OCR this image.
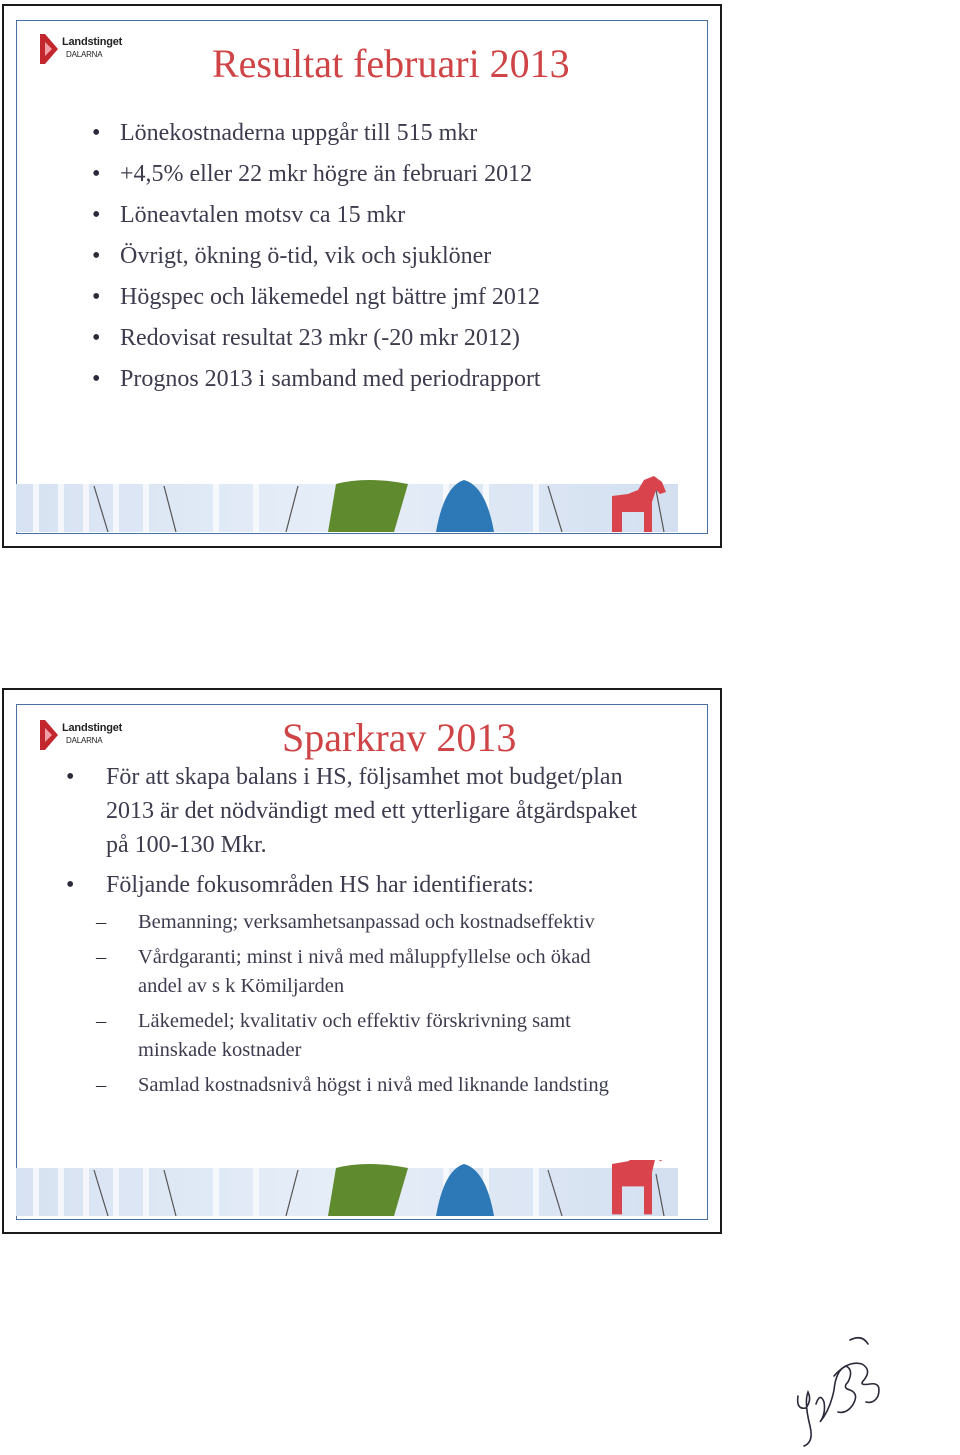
Landstinget
DALARNA	Resultat februari 2013
• Lönekostnaderna uppgår till 515 mkr
• +4,5% eller 22 mkr högre än februari 2012
• Löneavtalen motsv ca 15 mkr
• Övrigt, ökning ö-tid, vik och sjuklöner
• Högspec och läkemedel ngt bättre jmf 2012
• Redovisat resultat 23 mkr (-20 mkr 2012)
• Prognos 2013 i samband med periodrapport
Landstinget
DALARNA	Sparkrav 2013
• För att skapa balans i HS, följsamhet mot budget/plan 2013 är det nödvändigt med ett ytterligare åtgärdspaket på 100-130 Mkr.
• Följande fokusområden HS har identifierats:
– Bemanning; verksamhetsanpassad och kostnadseffektiv
– Vårdgaranti; minst i nivå med måluppfyllelse och ökad andel av s k Kömiljarden
– Läkemedel; kvalitativ och effektiv förskrivning samt minskade kostnader
– Samlad kostnadsnivå högst i nivå med liknande landsting
